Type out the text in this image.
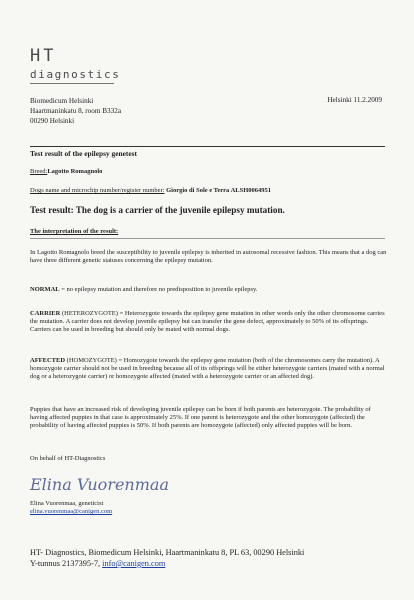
HT
diagnostics
Biomedicum Helsinki
Haartmaninkatu 8, room B332a
00290 Helsinki
Helsinki 11.2.2009
Test result of the epilepsy genetest
Breed:Lagotto Romagnolo
Dogs name and microchip number/register number: Giorgio di Sole e Terra ALSH0064951
Test result: The dog is a carrier of the juvenile epilepsy mutation.
The interpretation of the result:
In Lagotto Romagnolo breed the susceptibility to juvenile epilepsy is inherited in autosomal recessive fashion. This means that a dog can have three different genetic statuses concerning the epilepsy mutation.
NORMAL = no epilepsy mutation and therefore no predisposition to juvenile epilepsy.
CARRIER (HETEROZYGOTE) = Heterozygote towards the epilepsy gene mutation in other words only the other chromosome carries the mutation. A carrier does not develop juvenile epilepsy but can transfer the gene defect, approximately to 50% of its offsprings. Carriers can be used in breeding but should only be mated with normal dogs.
AFFECTED (HOMOZYGOTE) = Homozygote towards the epilepsy gene mutation (both of the chromosomes carry the mutation). A homozygote carrier should not be used in breeding because all of its offsprings will be either heterozygote carriers (mated with a normal dog or a heterozygote carrier) or homozygote affected (mated with a heterozygote carrier or an affected dog).
Puppies that have an increased risk of developing juvenile epilepsy can be born if both parents are heterozygote. The probability of having affected puppies in that case is approximately 25%. If one parent is heterozygote and the other homozygote (affected) the probability of having affected puppies is 50%. If both parents are homozygote (affected) only affected puppies will be born.
On behalf of HT-Diagnostics
Elina Vuorenmaa
Elina Vuorenmaa, geneticist
elina.vuorenmaa@canigen.com
HT- Diagnostics, Biomedicum Helsinki, Haartmaninkatu 8, PL 63, 00290 Helsinki
Y-tunnus 2137395-7, info@canigen.com
